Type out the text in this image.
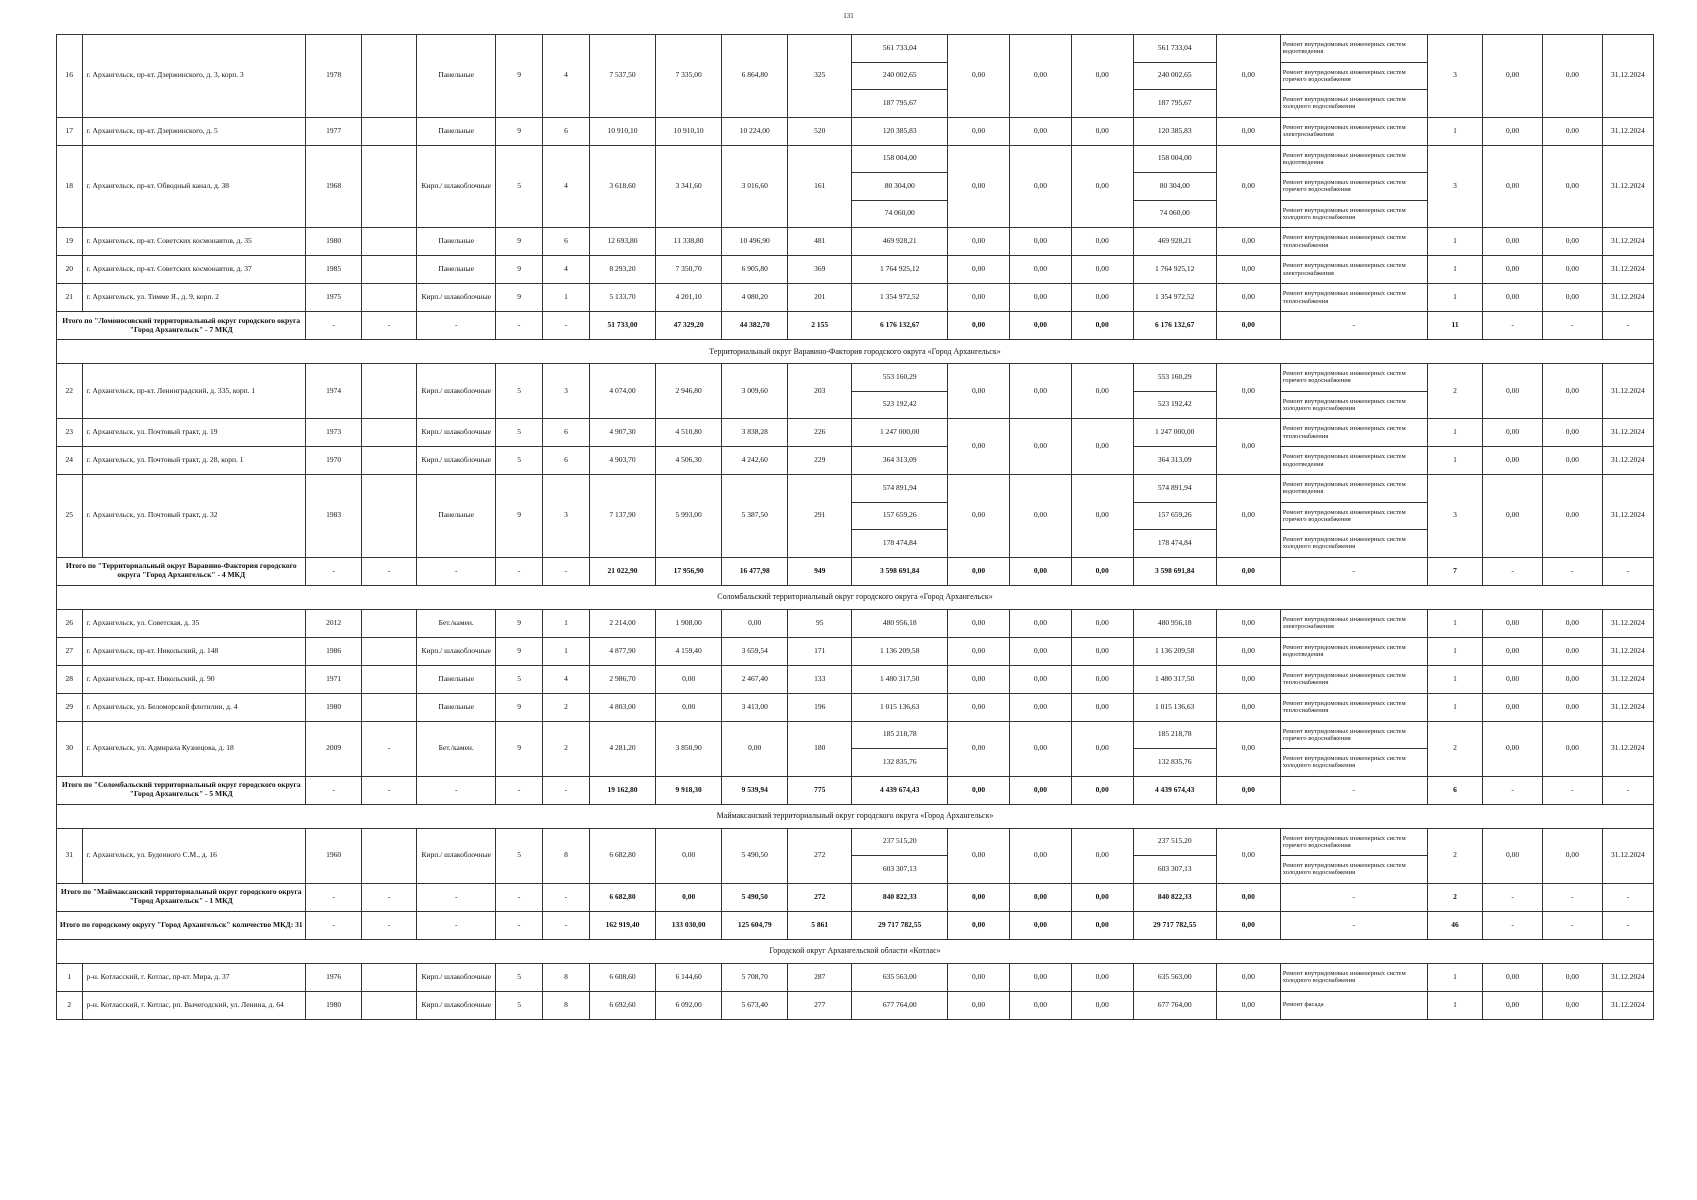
131
16	г. Архангельск, пр-кт. Дзержинского, д. 3, корп. 3	1978		Панельные	9	4	7 537,50	7 335,00	6 864,80	325	561 733,04	0,00	0,00	0,00	561 733,04	0,00	Ремонт внутридомовых инженерных систем водоотведения	3	0,00	0,00	31.12.2024
											240 002,65				240 002,65		Ремонт внутридомовых инженерных систем горячего водоснабжения				
											187 795,67				187 795,67		Ремонт внутридомовых инженерных систем холодного водоснабжения				
17	г. Архангельск, пр-кт. Дзержинского, д. 5	1977		Панельные	9	6	10 910,10	10 910,10	10 224,00	520	120 385,83	0,00	0,00	0,00	120 385,83	0,00	Ремонт внутридомовых инженерных систем электроснабжения	1	0,00	0,00	31.12.2024
18	г. Архангельск, пр-кт. Обводный канал, д. 38	1968		Кирп./ шлакоблочные	5	4	3 618,60	3 341,60	3 016,60	161	158 004,00	0,00	0,00	0,00	158 004,00	0,00	Ремонт внутридомовых инженерных систем водоотведения	3	0,00	0,00	31.12.2024
											80 304,00				80 304,00		Ремонт внутридомовых инженерных систем горячего водоснабжения				
											74 060,00				74 060,00		Ремонт внутридомовых инженерных систем холодного водоснабжения				
19	г. Архангельск, пр-кт. Советских космонавтов, д. 35	1980		Панельные	9	6	12 693,80	11 338,80	10 496,90	481	469 928,21	0,00	0,00	0,00	469 928,21	0,00	Ремонт внутридомовых инженерных систем теплоснабжения	1	0,00	0,00	31.12.2024
20	г. Архангельск, пр-кт. Советских космонавтов, д. 37	1985		Панельные	9	4	8 293,20	7 350,70	6 905,80	369	1 764 925,12	0,00	0,00	0,00	1 764 925,12	0,00	Ремонт внутридомовых инженерных систем электроснабжения	1	0,00	0,00	31.12.2024
21	г. Архангельск, ул. Тимме Я., д. 9, корп. 2	1975		Кирп./ шлакоблочные	9	1	5 133,70	4 201,10	4 080,20	201	1 354 972,52	0,00	0,00	0,00	1 354 972,52	0,00	Ремонт внутридомовых инженерных систем теплоснабжения	1	0,00	0,00	31.12.2024
Итого по "Ломоносовский территориальный округ городского округа "Город Архангельск" - 7 МКД		-	-	-	-	-	51 733,00	47 329,20	44 382,70	2 155	6 176 132,67	0,00	0,00	0,00	6 176 132,67	0,00	-	11	-	-	-
Территориальный округ Варавино-Фактория городского округа «Город Архангельск»																					
22	г. Архангельск, пр-кт. Ленинградский, д. 335, корп. 1	1974		Кирп./ шлакоблочные	5	3	4 074,00	2 946,80	3 009,60	203	553 160,29	0,00	0,00	0,00	553 160,29	0,00	Ремонт внутридомовых инженерных систем горячего водоснабжения	2	0,00	0,00	31.12.2024
											523 192,42				523 192,42		Ремонт внутридомовых инженерных систем холодного водоснабжения				
23	г. Архангельск, ул. Почтовый тракт, д. 19	1973		Кирп./ шлакоблочные	5	6	4 907,30	4 510,80	3 838,28	226	1 247 000,00	0,00	0,00	0,00	1 247 000,00	0,00	Ремонт внутридомовых инженерных систем теплоснабжения	1	0,00	0,00	31.12.2024
24	г. Архангельск, ул. Почтовый тракт, д. 28, корп. 1	1970		Кирп./ шлакоблочные	5	6	4 903,70	4 506,30	4 242,60	229	364 313,09				364 313,09		Ремонт внутридомовых инженерных систем водоотведения	1	0,00	0,00	31.12.2024
25	г. Архангельск, ул. Почтовый тракт, д. 32	1983		Панельные	9	3	7 137,90	5 993,00	5 387,50	291	574 891,94	0,00	0,00	0,00	574 891,94	0,00	Ремонт внутридомовых инженерных систем водоотведения	3	0,00	0,00	31.12.2024
											157 659,26				157 659,26		Ремонт внутридомовых инженерных систем горячего водоснабжения				
											178 474,84				178 474,84		Ремонт внутридомовых инженерных систем холодного водоснабжения				
Итого по "Территориальный округ Варавино-Фактория городского округа "Город Архангельск" - 4 МКД		-	-	-	-	-	21 022,90	17 956,90	16 477,98	949	3 598 691,84	0,00	0,00	0,00	3 598 691,84	0,00	-	7	-	-	-
Соломбальский территориальный округ городского округа «Город Архангельск»																					
26	г. Архангельск, ул. Советская, д. 35	2012		Бет./камен.	9	1	2 214,00	1 908,00	0,00	95	480 956,18	0,00	0,00	0,00	480 956,18	0,00	Ремонт внутридомовых инженерных систем электроснабжения	1	0,00	0,00	31.12.2024
27	г. Архангельск, пр-кт. Никольский, д. 148	1986		Кирп./ шлакоблочные	9	1	4 877,90	4 159,40	3 659,54	171	1 136 209,58	0,00	0,00	0,00	1 136 209,58	0,00	Ремонт внутридомовых инженерных систем водоотведения	1	0,00	0,00	31.12.2024
28	г. Архангельск, пр-кт. Никольский, д. 90	1971		Панельные	5	4	2 986,70	0,00	2 467,40	133	1 480 317,50	0,00	0,00	0,00	1 480 317,50	0,00	Ремонт внутридомовых инженерных систем теплоснабжения	1	0,00	0,00	31.12.2024
29	г. Архангельск, ул. Беломорской флотилии, д. 4	1980		Панельные	9	2	4 803,00	0,00	3 413,00	196	1 015 136,63	0,00	0,00	0,00	1 015 136,63	0,00	Ремонт внутридомовых инженерных систем теплоснабжения	1	0,00	0,00	31.12.2024
30	г. Архангельск, ул. Адмирала Кузнецова, д. 18	2009	-	Бет./камен.	9	2	4 281,20	3 850,90	0,00	180	185 218,78	0,00	0,00	0,00	185 218,78	0,00	Ремонт внутридомовых инженерных систем горячего водоснабжения	2	0,00	0,00	31.12.2024
											132 835,76				132 835,76		Ремонт внутридомовых инженерных систем холодного водоснабжения				
Итого по "Соломбальский территориальный округ городского округа "Город Архангельск" - 5 МКД		-	-	-	-	-	19 162,80	9 918,30	9 539,94	775	4 439 674,43	0,00	0,00	0,00	4 439 674,43	0,00	-	6	-	-	-
Маймаксанский территориальный округ городского округа «Город Архангельск»																					
31	г. Архангельск, ул. Буденного С.М., д. 16	1960		Кирп./ шлакоблочные	5	8	6 682,80	0,00	5 490,50	272	237 515,20	0,00	0,00	0,00	237 515,20	0,00	Ремонт внутридомовых инженерных систем горячего водоснабжения	2	0,00	0,00	31.12.2024
											603 307,13				603 307,13		Ремонт внутридомовых инженерных систем холодного водоснабжения				
Итого по "Маймаксанский территориальный округ городского округа "Город Архангельск" - 1 МКД		-	-	-	-	-	6 682,80	0,00	5 490,50	272	840 822,33	0,00	0,00	0,00	840 822,33	0,00	-	2	-	-	-
Итого по городскому округу "Город Архангельск" количество МКД: 31		-	-	-	-	-	162 919,40	133 030,00	125 604,79	5 861	29 717 782,55	0,00	0,00	0,00	29 717 782,55	0,00	-	46	-	-	-
Городской округ Архангельской области «Котлас»																					
1	р-н. Котласский, г. Котлас, пр-кт. Мира, д. 37	1976		Кирп./ шлакоблочные	5	8	6 608,60	6 144,60	5 708,70	287	635 563,00	0,00	0,00	0,00	635 563,00	0,00	Ремонт внутридомовых инженерных систем холодного водоснабжения	1	0,00	0,00	31.12.2024
2	р-н. Котласский, г. Котлас, рп. Вычегодский, ул. Ленина, д. 64	1980		Кирп./ шлакоблочные	5	8	6 692,60	6 092,00	5 673,40	277	677 764,00	0,00	0,00	0,00	677 764,00	0,00	Ремонт фасада	1	0,00	0,00	31.12.2024
